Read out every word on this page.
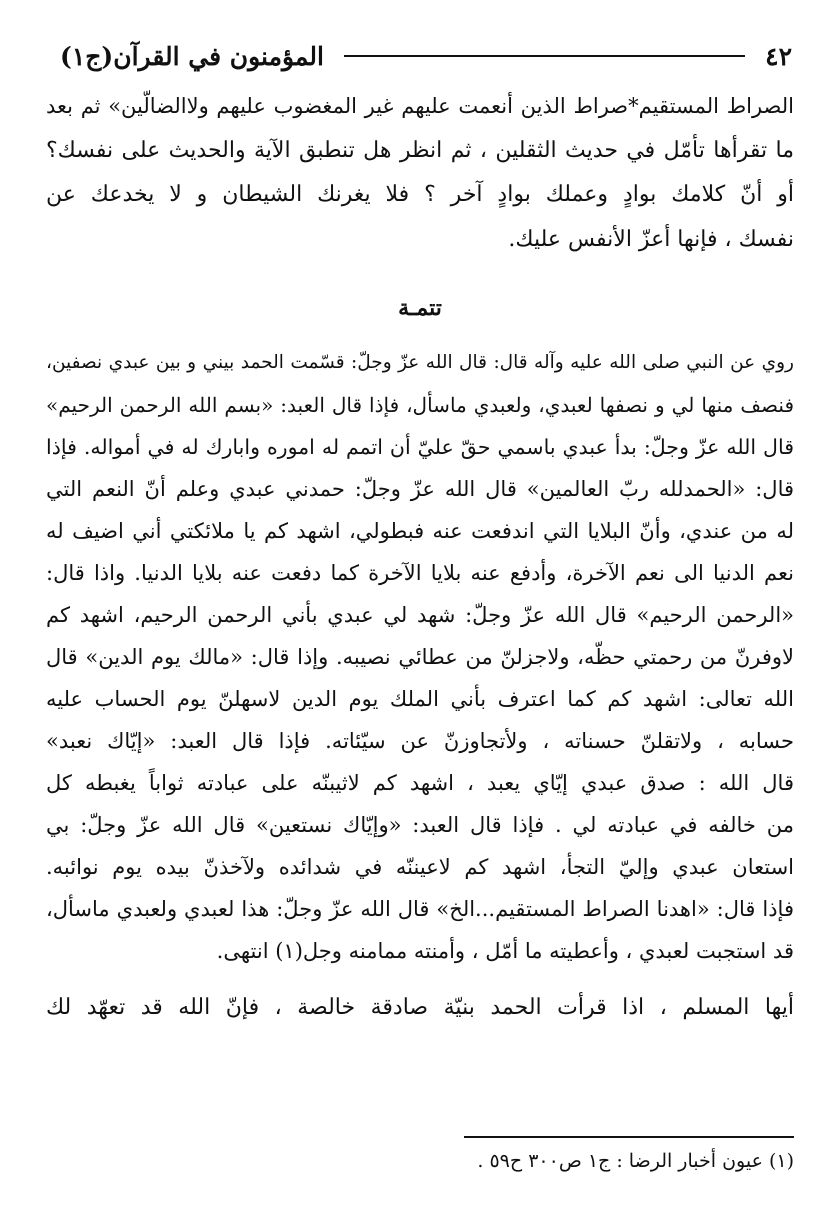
٤٢
المؤمنون في القرآن(ج١)

الصراط المستقيم*صراط الذين أنعمت عليهم غير المغضوب عليهم ولاالضالّين» ثم بعد

ما تقرأها تأمّل في حديث الثقلين ، ثم انظر هل تنطبق الآية والحديث على نفسك؟

أو أنّ كلامك بوادٍ وعملك بوادٍ آخر ؟ فلا يغرنك الشيطان و لا يخدعك عن

نفسك ، فإنها أعزّ الأنفس عليك.

تتمـة

روي عن النبي صلى الله عليه وآله قال: قال الله عزّ وجلّ: قسّمت الحمد بيني و بين عبدي نصفين،

فنصف منها لي و نصفها لعبدي، ولعبدي ماسأل، فإذا قال العبد: «بسم الله الرحمن الرحيم»

قال الله عزّ وجلّ: بدأ عبدي باسمي حقّ عليّ أن اتمم له اموره وابارك له في أمواله. فإذا

قال: «الحمدلله ربّ العالمين» قال الله عزّ وجلّ: حمدني عبدي وعلم أنّ النعم التي

له من عندي، وأنّ البلايا التي اندفعت عنه فبطولي، اشهد كم يا ملائكتي أني اضيف له

نعم الدنيا الى نعم الآخرة، وأدفع عنه بلايا الآخرة كما دفعت عنه بلايا الدنيا. واذا قال:

«الرحمن الرحيم» قال الله عزّ وجلّ: شهد لي عبدي بأني الرحمن الرحيم، اشهد كم

لاوفرنّ من رحمتي حظّه، ولاجزلنّ من عطائي نصيبه. وإذا قال: «مالك يوم الدين» قال

الله تعالى: اشهد كم كما اعترف بأني الملك يوم الدين لاسهلنّ يوم الحساب عليه

حسابه ، ولاتقلنّ حسناته ، ولأتجاوزنّ عن سيّئاته. فإذا قال العبد: «إيّاك نعبد»

قال الله : صدق عبدي إيّاي يعبد ، اشهد كم لاثيبنّه على عبادته ثواباً يغبطه كل

من خالفه في عبادته لي . فإذا قال العبد: «وإيّاك نستعين» قال الله عزّ وجلّ: بي

استعان عبدي وإليّ التجأ، اشهد كم لاعيننّه في شدائده ولآخذنّ بيده يوم نوائبه.

فإذا قال: «اهدنا الصراط المستقيم...الخ» قال الله عزّ وجلّ: هذا لعبدي ولعبدي ماسأل،

قد استجبت لعبدي ، وأعطيته ما أمّل ، وأمنته ممامنه وجل(١) انتهى.

أيها المسلم ، اذا قرأت الحمد بنيّة صادقة خالصة ، فإنّ الله قد تعهّد لك

(١) عيون أخبار الرضا : ج١ ص٣٠٠ ح٥٩ .
